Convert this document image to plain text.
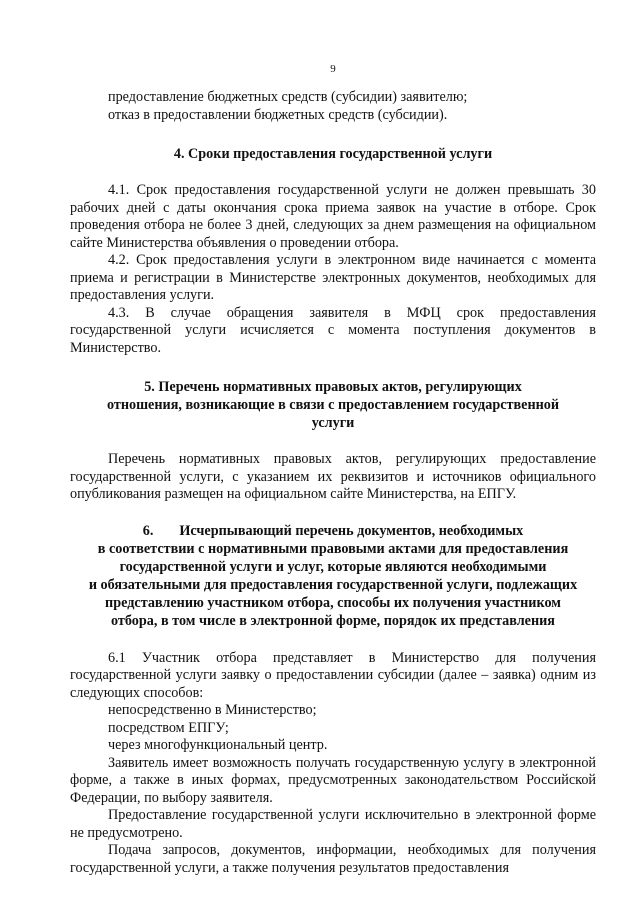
9

предоставление бюджетных средств (субсидии) заявителю;

отказ в предоставлении бюджетных средств (субсидии).

4. Сроки предоставления государственной услуги

4.1. Срок предоставления государственной услуги не должен превышать 30 рабочих дней с даты окончания срока приема заявок на участие в отборе. Срок проведения отбора не более 3 дней, следующих за днем размещения на официальном сайте Министерства объявления о проведении отбора.

4.2. Срок предоставления услуги в электронном виде начинается с момента приема и регистрации в Министерстве электронных документов, необходимых для предоставления услуги.

4.3. В случае обращения заявителя в МФЦ срок предоставления государственной услуги исчисляется с момента поступления документов в Министерство.

5. Перечень нормативных правовых актов, регулирующих отношения, возникающие в связи с предоставлением государственной услуги

Перечень нормативных правовых актов, регулирующих предоставление государственной услуги, с указанием их реквизитов и источников официального опубликования размещен на официальном сайте Министерства, на ЕПГУ.

6. Исчерпывающий перечень документов, необходимых
в соответствии с нормативными правовыми актами для предоставления
государственной услуги и услуг, которые являются необходимыми
и обязательными для предоставления государственной услуги, подлежащих
представлению участником отбора, способы их получения участником
отбора, в том числе в электронной форме, порядок их представления

6.1 Участник отбора представляет в Министерство для получения государственной услуги заявку о предоставлении субсидии (далее – заявка) одним из следующих способов:

непосредственно в Министерство;

посредством ЕПГУ;

через многофункциональный центр.

Заявитель имеет возможность получать государственную услугу в электронной форме, а также в иных формах, предусмотренных законодательством Российской Федерации, по выбору заявителя.

Предоставление государственной услуги исключительно в электронной форме не предусмотрено.

Подача запросов, документов, информации, необходимых для получения государственной услуги, а также получения результатов предоставления
